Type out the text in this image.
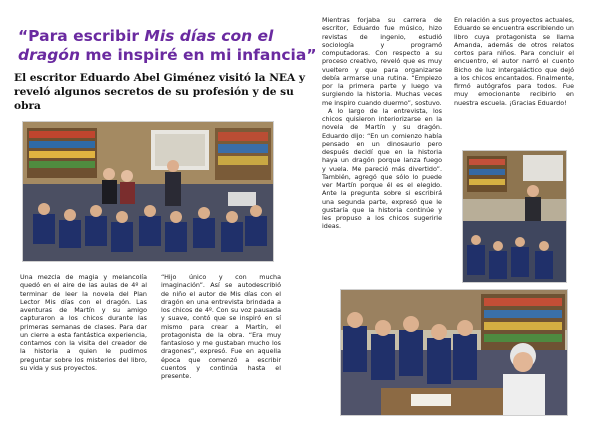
“Para escribir Mis días con el dragón me inspiré en mi infancia”
El escritor Eduardo Abel Giménez visitó la NEA y reveló algunos secretos de su profesión y de su obra

Una mezcla de magia y melancolía quedó en el aire de las aulas de 4º al terminar de leer la novela del Plan Lector Mis días con el dragón. Las aventuras de Martín y su amigo capturaron a los chicos durante las primeras semanas de clases. Para dar un cierre a esta fantástica experiencia, contamos con la visita del creador de la historia a quien le pudimos preguntar sobre los misterios del libro, su vida y sus proyectos.

“Hijo único y con mucha imaginación”. Así se autodescribió de niño el autor de Mis días con el dragón en una entrevista brindada a los chicos de 4º. Con su voz pausada y suave, contó que se inspiró en sí mismo para crear a Martín, el protagonista de la obra. “Era muy fantasioso y me gustaban mucho los dragones”, expresó. Fue en aquella época que comenzó a escribir cuentos y continúa hasta el presente.

Mientras forjaba su carrera de escritor, Eduardo fue músico, hizo revistas de ingenio, estudió sociología y programó computadoras. Con respecto a su proceso creativo, reveló que es muy vueltero y que para organizarse debía armarse una rutina. “Empiezo por la primera parte y luego va surgiendo la historia. Muchas veces me inspiro cuando duermo”, sostuvo.

A lo largo de la entrevista, los chicos quisieron interiorizarse en la novela de Martín y su dragón. Eduardo dijo: “En un comienzo había pensado en un dinosaurio pero después decidí que en la historia haya un dragón porque lanza fuego y vuela. Me pareció más divertido”. También, agregó que sólo lo puede ver Martín porque él es el elegido. Ante la pregunta sobre si escribirá una segunda parte, expresó que le gustaría que la historia continúe y les propuso a los chicos sugerirle ideas.

En relación a sus proyectos actuales, Eduardo se encuentra escribiendo un libro cuya protagonista se llama Amanda, además de otros relatos cortos para niños. Para concluir el encuentro, el autor narró el cuento Bicho de luz intergaláctico que dejó a los chicos encantados. Finalmente, firmó autógrafos para todos. Fue muy emocionante recibirlo en nuestra escuela. ¡Gracias Eduardo!
